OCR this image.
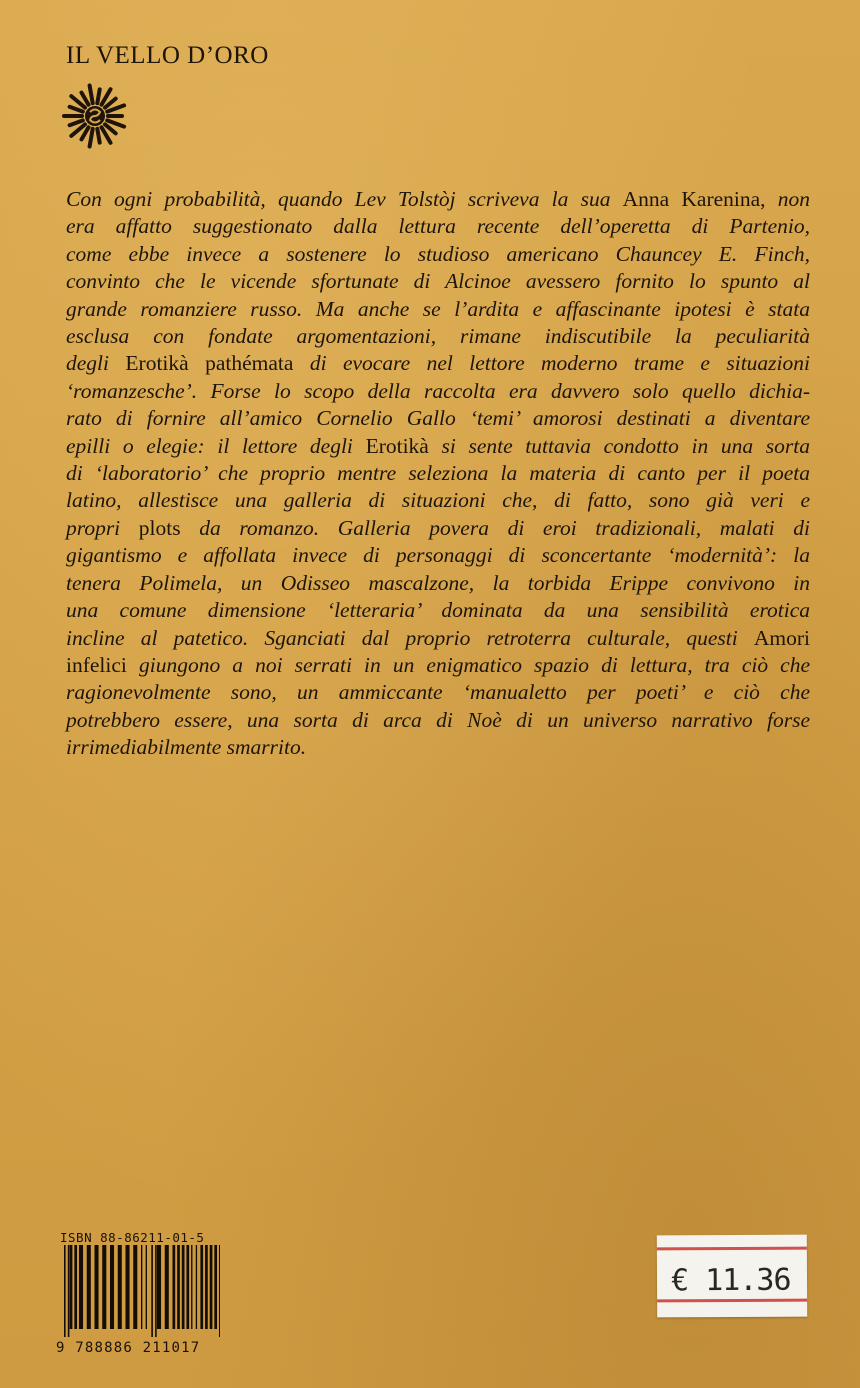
IL VELLO D’ORO
Con ogni probabilità, quando Lev Tolstòj scriveva la sua Anna Karenina, non
era affatto suggestionato dalla lettura recente dell’operetta di Partenio,
come ebbe invece a sostenere lo studioso americano Chauncey E. Finch,
convinto che le vicende sfortunate di Alcinoe avessero fornito lo spunto al
grande romanziere russo. Ma anche se l’ardita e affascinante ipotesi è stata
esclusa con fondate argomentazioni, rimane indiscutibile la peculiarità
degli Erotikà pathémata di evocare nel lettore moderno trame e situazioni
‘romanzesche’. Forse lo scopo della raccolta era davvero solo quello dichia-
rato di fornire all’amico Cornelio Gallo ‘temi’ amorosi destinati a diventare
epilli o elegie: il lettore degli Erotikà si sente tuttavia condotto in una sorta
di ‘laboratorio’ che proprio mentre seleziona la materia di canto per il poeta
latino, allestisce una galleria di situazioni che, di fatto, sono già veri e
propri plots da romanzo. Galleria povera di eroi tradizionali, malati di
gigantismo e affollata invece di personaggi di sconcertante ‘modernità’: la
tenera Polimela, un Odisseo mascalzone, la torbida Erippe convivono in
una comune dimensione ‘letteraria’ dominata da una sensibilità erotica
incline al patetico. Sganciati dal proprio retroterra culturale, questi Amori
infelici giungono a noi serrati in un enigmatico spazio di lettura, tra ciò che
ragionevolmente sono, un ammiccante ‘manualetto per poeti’ e ciò che
potrebbero essere, una sorta di arca di Noè di un universo narrativo forse
irrimediabilmente smarrito.
ISBN 88-86211-01-5
9 788886 211017
€ 11.36
